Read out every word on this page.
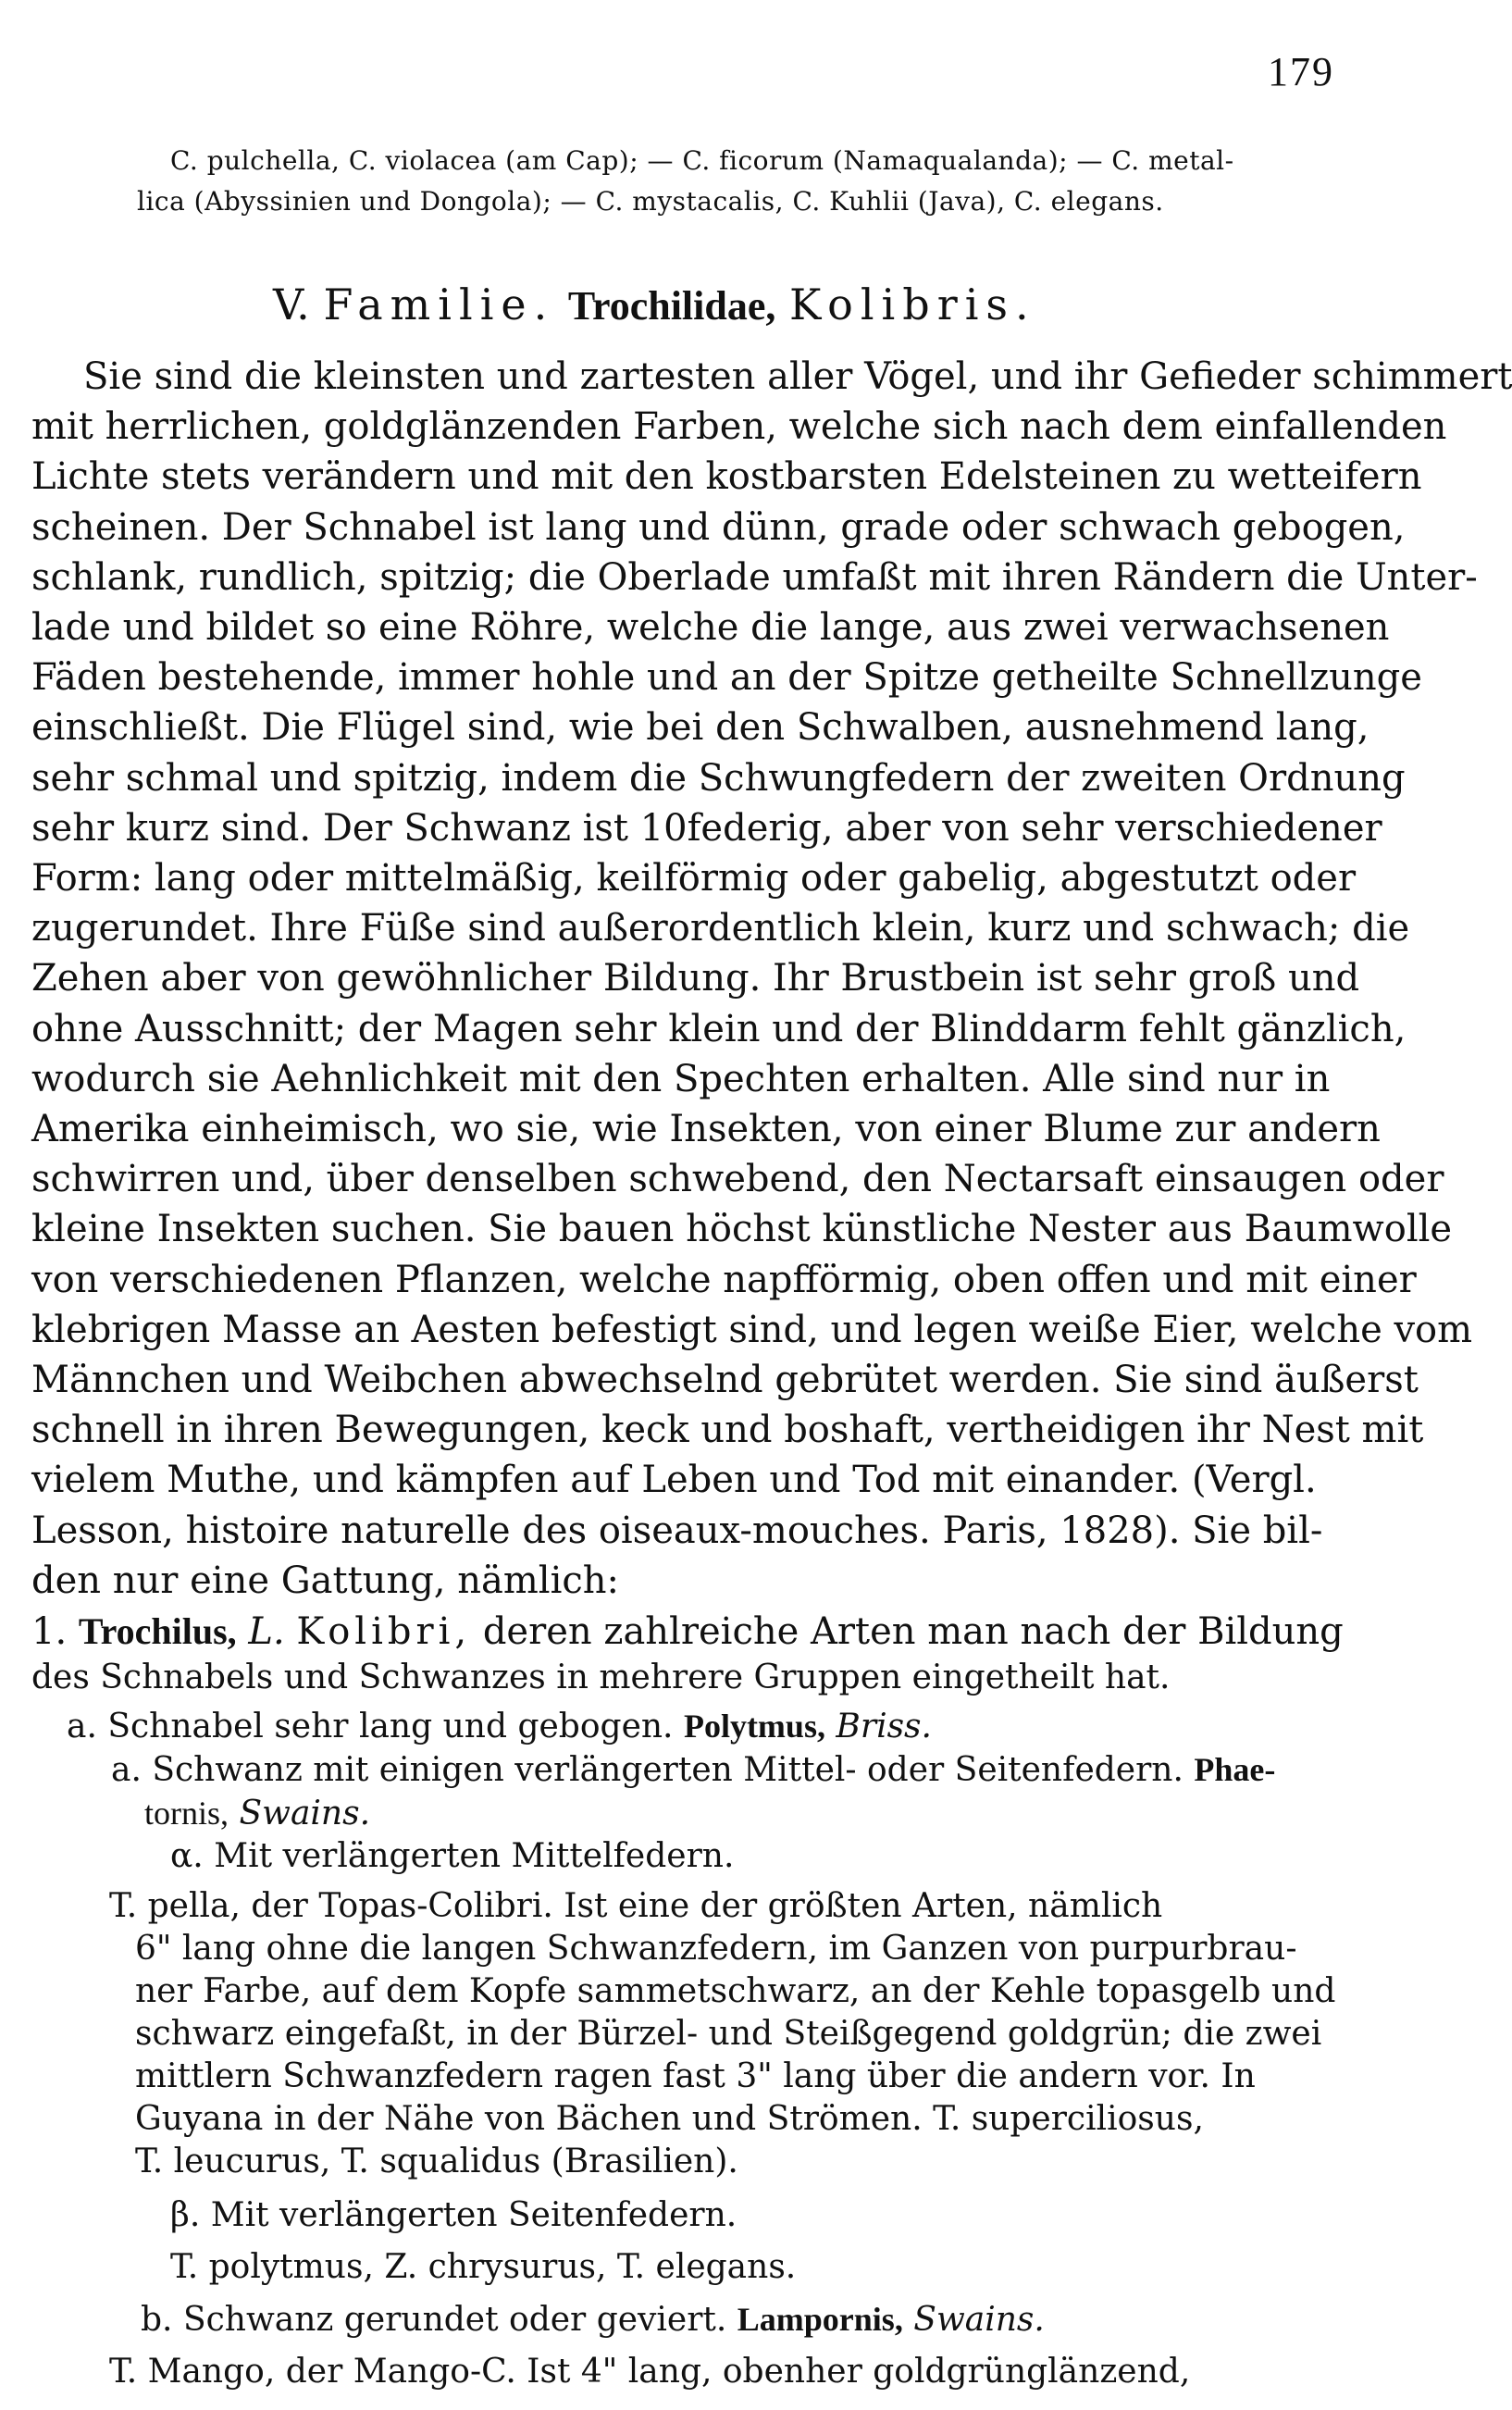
179
C. pulchella, C. violacea (am Cap); — C. ficorum (Namaqualanda); — C. metal-
lica (Abyssinien und Dongola); — C. mystacalis, C. Kuhlii (Java), C. elegans.
V. Familie. Trochilidae, Kolibris.
Sie sind die kleinsten und zartesten aller Vögel, und ihr Gefieder schimmert
mit herrlichen, goldglänzenden Farben, welche sich nach dem einfallenden
Lichte stets verändern und mit den kostbarsten Edelsteinen zu wetteifern
scheinen. Der Schnabel ist lang und dünn, grade oder schwach gebogen,
schlank, rundlich, spitzig; die Oberlade umfaßt mit ihren Rändern die Unter-
lade und bildet so eine Röhre, welche die lange, aus zwei verwachsenen
Fäden bestehende, immer hohle und an der Spitze getheilte Schnellzunge
einschließt. Die Flügel sind, wie bei den Schwalben, ausnehmend lang,
sehr schmal und spitzig, indem die Schwungfedern der zweiten Ordnung
sehr kurz sind. Der Schwanz ist 10federig, aber von sehr verschiedener
Form: lang oder mittelmäßig, keilförmig oder gabelig, abgestutzt oder
zugerundet. Ihre Füße sind außerordentlich klein, kurz und schwach; die
Zehen aber von gewöhnlicher Bildung. Ihr Brustbein ist sehr groß und
ohne Ausschnitt; der Magen sehr klein und der Blinddarm fehlt gänzlich,
wodurch sie Aehnlichkeit mit den Spechten erhalten. Alle sind nur in
Amerika einheimisch, wo sie, wie Insekten, von einer Blume zur andern
schwirren und, über denselben schwebend, den Nectarsaft einsaugen oder
kleine Insekten suchen. Sie bauen höchst künstliche Nester aus Baumwolle
von verschiedenen Pflanzen, welche napfförmig, oben offen und mit einer
klebrigen Masse an Aesten befestigt sind, und legen weiße Eier, welche vom
Männchen und Weibchen abwechselnd gebrütet werden. Sie sind äußerst
schnell in ihren Bewegungen, keck und boshaft, vertheidigen ihr Nest mit
vielem Muthe, und kämpfen auf Leben und Tod mit einander. (Vergl.
Lesson, histoire naturelle des oiseaux-mouches. Paris, 1828). Sie bil-
den nur eine Gattung, nämlich:
1. Trochilus, L. Kolibri, deren zahlreiche Arten man nach der Bildung
des Schnabels und Schwanzes in mehrere Gruppen eingetheilt hat.
a. Schnabel sehr lang und gebogen. Polytmus, Briss.
a. Schwanz mit einigen verlängerten Mittel- oder Seitenfedern. Phae-
tornis, Swains.
α. Mit verlängerten Mittelfedern.
T. pella, der Topas-Colibri. Ist eine der größten Arten, nämlich
6" lang ohne die langen Schwanzfedern, im Ganzen von purpurbrau-
ner Farbe, auf dem Kopfe sammetschwarz, an der Kehle topasgelb und
schwarz eingefaßt, in der Bürzel- und Steißgegend goldgrün; die zwei
mittlern Schwanzfedern ragen fast 3" lang über die andern vor. In
Guyana in der Nähe von Bächen und Strömen. T. superciliosus,
T. leucurus, T. squalidus (Brasilien).
β. Mit verlängerten Seitenfedern.
T. polytmus, Z. chrysurus, T. elegans.
b. Schwanz gerundet oder geviert. Lampornis, Swains.
T. Mango, der Mango-C. Ist 4" lang, obenher goldgrünglänzend,
